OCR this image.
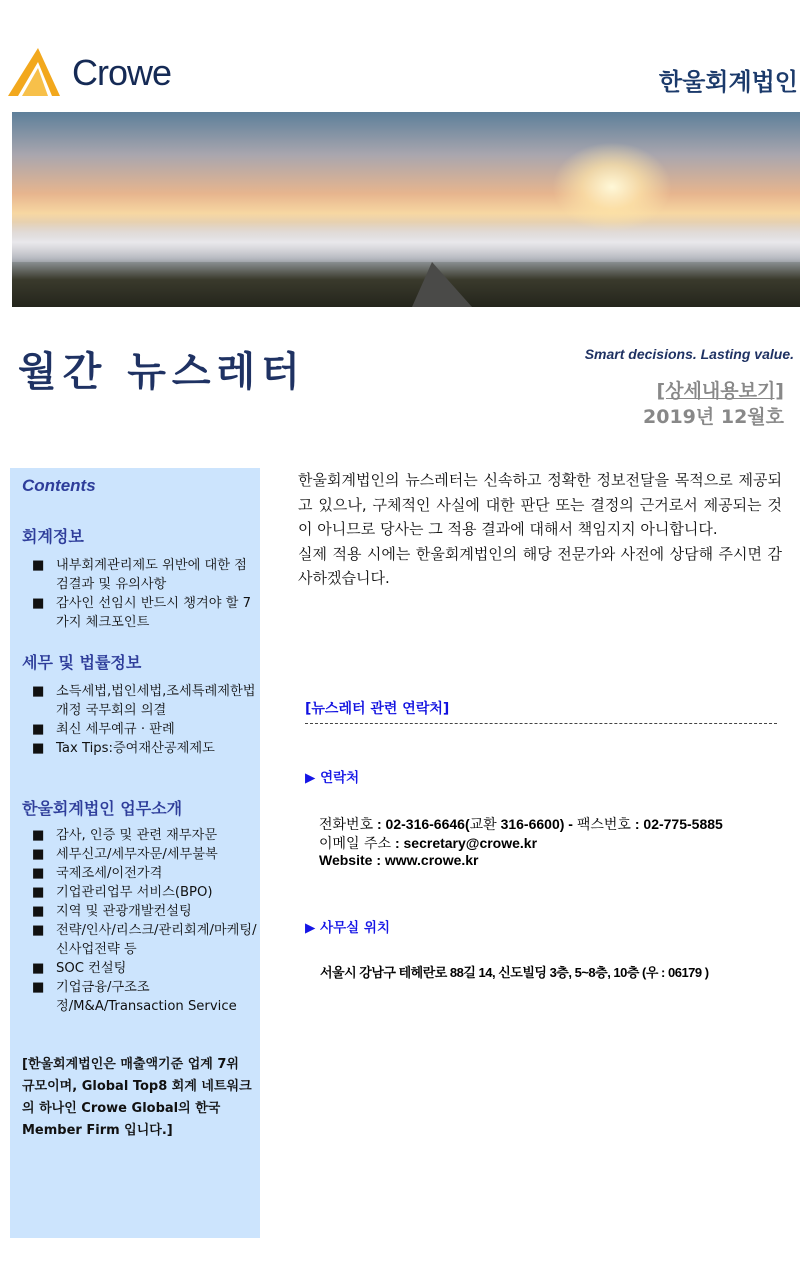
Crowe	한울회계법인
월간 뉴스레터	Smart decisions. Lasting value.
[상세내용보기]
2019년 12월호
Contents
회계정보
■ 내부회계관리제도 위반에 대한 점검결과 및 유의사항
■ 감사인 선임시 반드시 챙겨야 할 7가지 체크포인트
세무 및 법률정보
■ 소득세법,법인세법,조세특례제한법 개정 국무회의 의결
■ 최신 세무예규 · 판례
■ Tax Tips:증여재산공제제도
한울회계법인 업무소개
■ 감사, 인증 및 관련 재무자문
■ 세무신고/세무자문/세무불복
■ 국제조세/이전가격
■ 기업관리업무 서비스(BPO)
■ 지역 및 관광개발컨설팅
■ 전략/인사/리스크/관리회계/마케팅/신사업전략 등
■ SOC 컨설팅
■ 기업금융/구조조정/M&A/Transaction Service
[한울회계법인은 매출액기준 업계 7위 규모이며, Global Top8 회계 네트워크의 하나인 Crowe Global의 한국 Member Firm 입니다.]
한울회계법인의 뉴스레터는 신속하고 정확한 정보전달을 목적으로 제공되고 있으나, 구체적인 사실에 대한 판단 또는 결정의 근거로서 제공되는 것이 아니므로 당사는 그 적용 결과에 대해서 책임지지 아니합니다.
실제 적용 시에는 한울회계법인의 해당 전문가와 사전에 상담해 주시면 감사하겠습니다.
[뉴스레터 관련 연락처]
▶ 연락처
전화번호 : 02-316-6646(교환 316-6600) - 팩스번호 : 02-775-5885
이메일 주소 : secretary@crowe.kr
Website : www.crowe.kr
▶ 사무실 위치
서울시 강남구 테헤란로 88길 14, 신도빌딩 3층, 5~8층, 10층 (우 : 06179 )
